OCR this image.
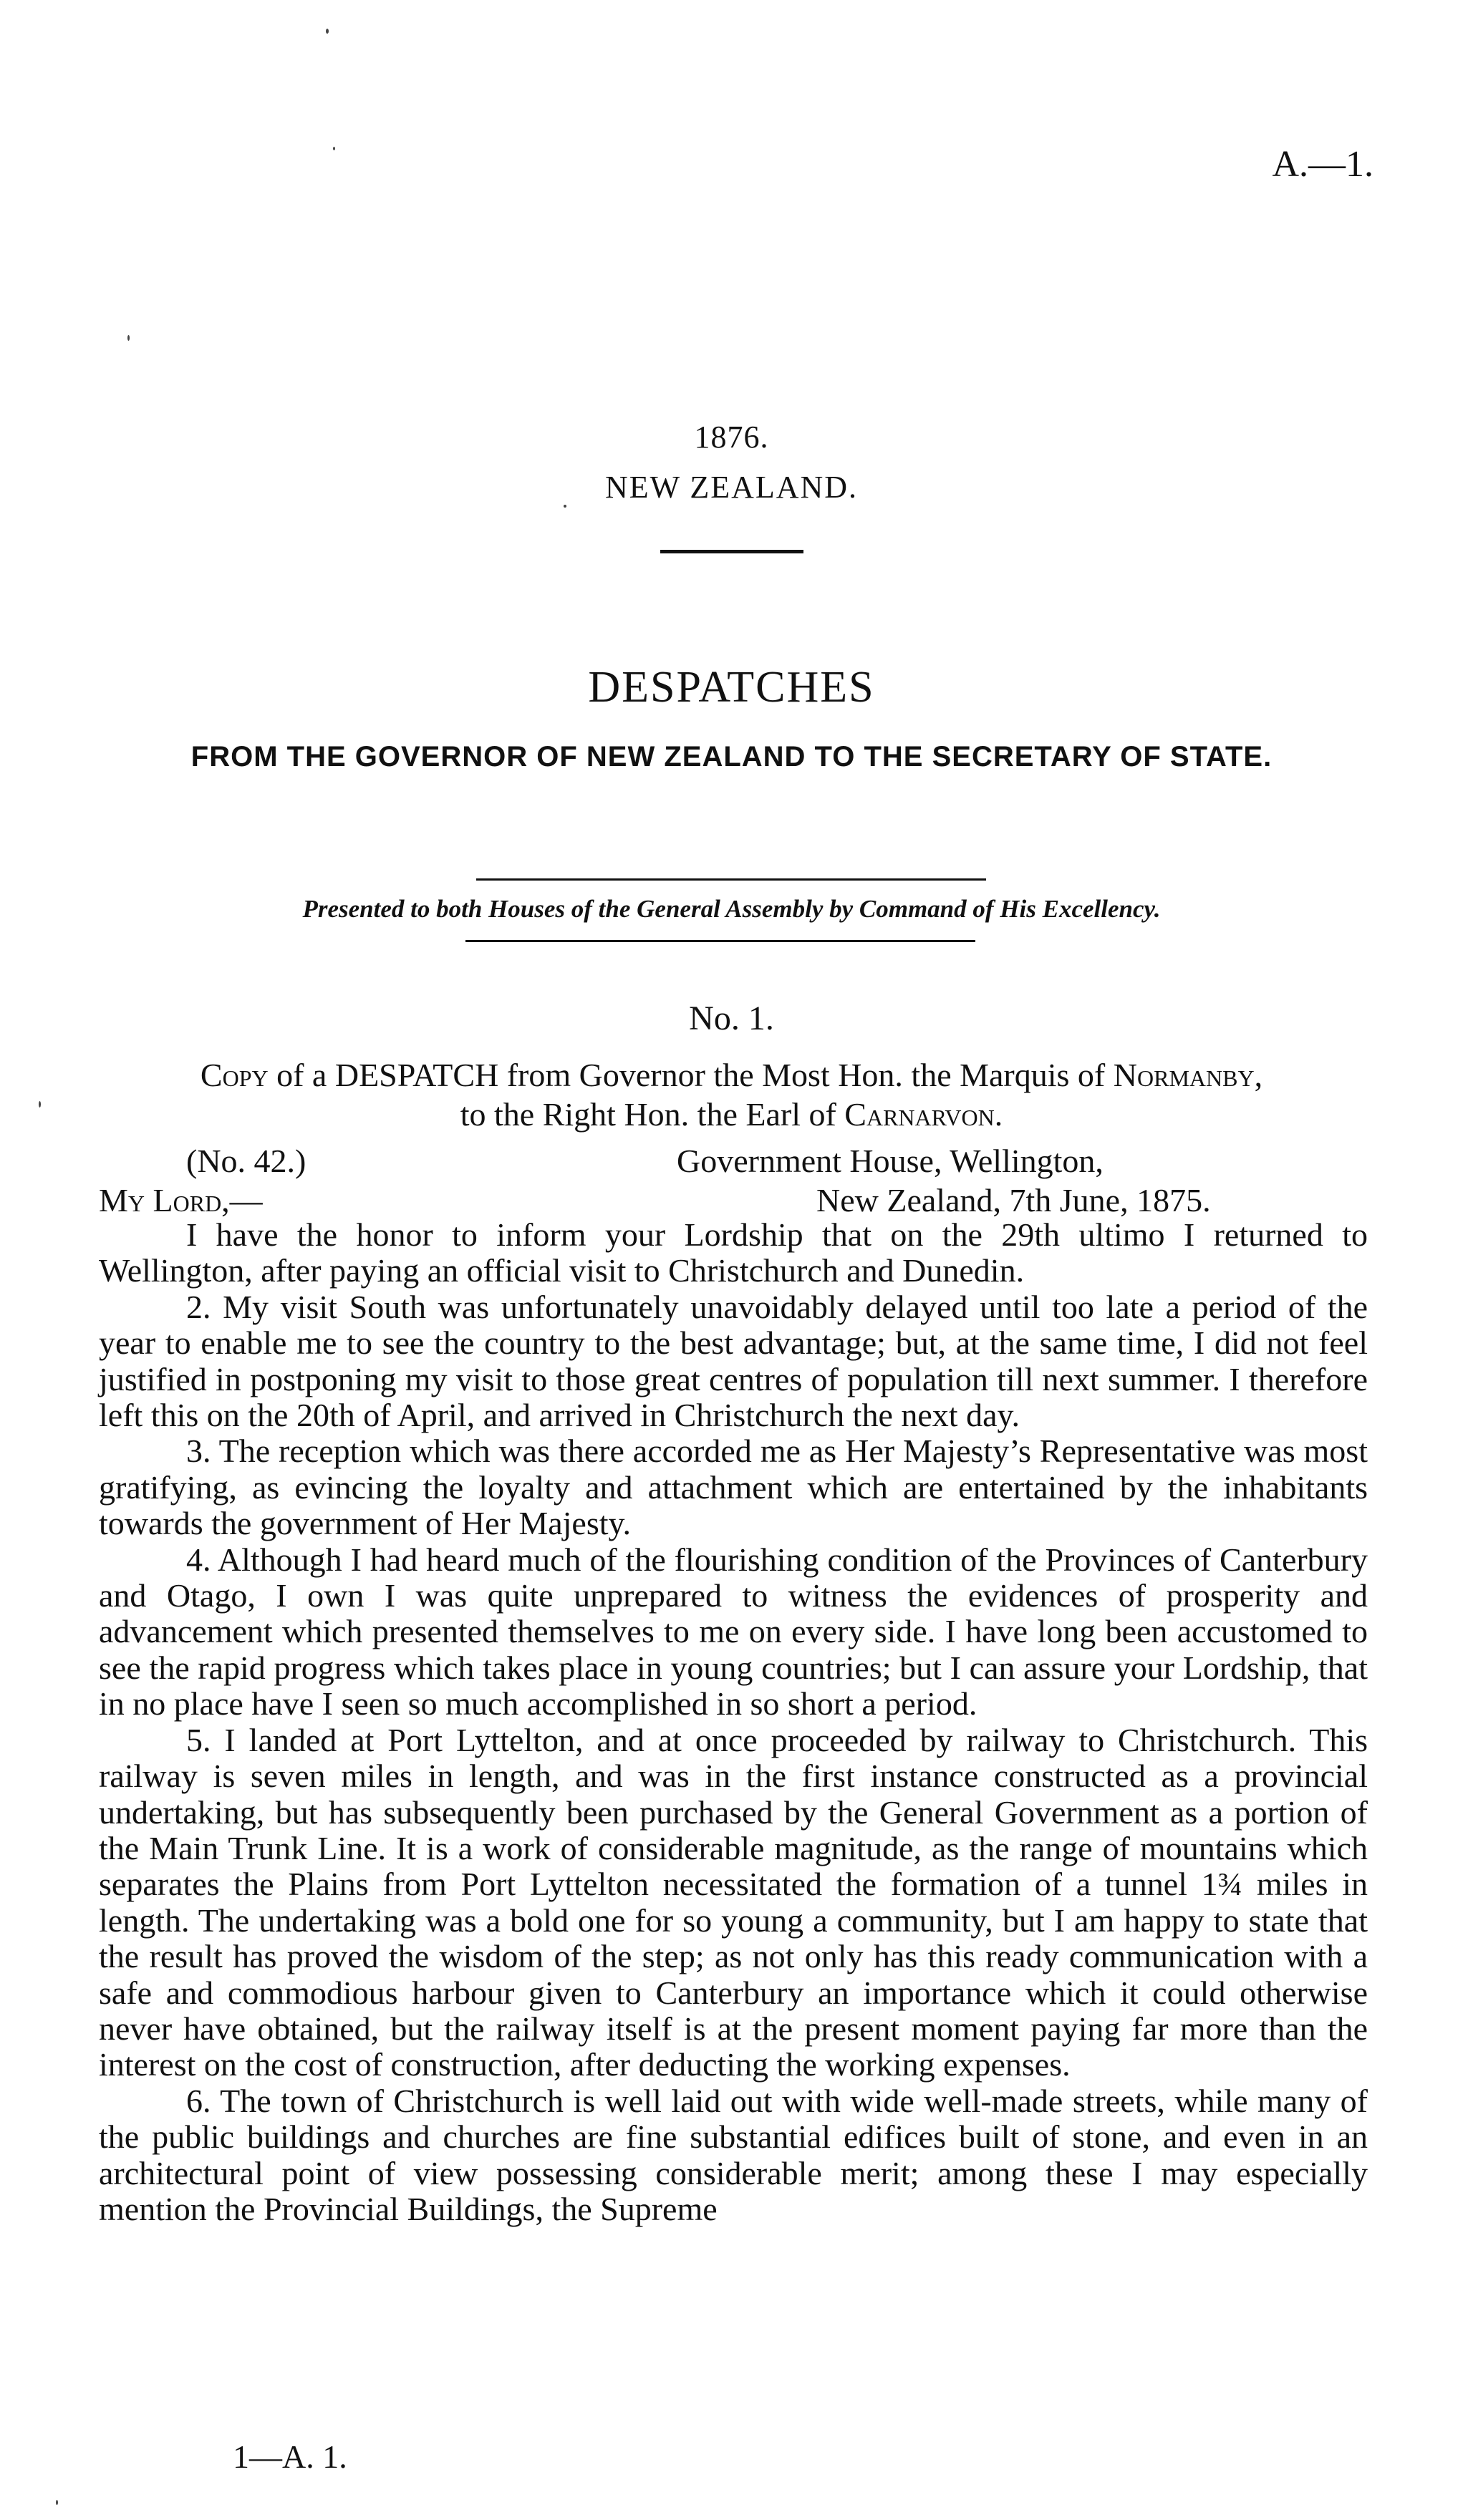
A.—1.
1876.
NEW ZEALAND.
DESPATCHES
FROM THE GOVERNOR OF NEW ZEALAND TO THE SECRETARY OF STATE.
Presented to both Houses of the General Assembly by Command of His Excellency.
No. 1.
Copy of a DESPATCH from Governor the Most Hon. the Marquis of Normanby,
to the Right Hon. the Earl of Carnarvon.
(No. 42.)	Government House, Wellington,
My Lord,—	New Zealand, 7th June, 1875.

I have the honor to inform your Lordship that on the 29th ultimo I returned to Wellington, after paying an official visit to Christchurch and Dunedin.

2. My visit South was unfortunately unavoidably delayed until too late a period of the year to enable me to see the country to the best advantage; but, at the same time, I did not feel justified in postponing my visit to those great centres of population till next summer. I therefore left this on the 20th of April, and arrived in Christchurch the next day.

3. The reception which was there accorded me as Her Majesty’s Representative was most gratifying, as evincing the loyalty and attachment which are entertained by the inhabitants towards the government of Her Majesty.

4. Although I had heard much of the flourishing condition of the Provinces of Canterbury and Otago, I own I was quite unprepared to witness the evidences of prosperity and advancement which presented themselves to me on every side. I have long been accustomed to see the rapid progress which takes place in young countries; but I can assure your Lordship, that in no place have I seen so much accomplished in so short a period.

5. I landed at Port Lyttelton, and at once proceeded by railway to Christchurch. This railway is seven miles in length, and was in the first instance constructed as a provincial undertaking, but has subsequently been purchased by the General Government as a portion of the Main Trunk Line. It is a work of considerable magnitude, as the range of mountains which separates the Plains from Port Lyttelton necessitated the formation of a tunnel 1¾ miles in length. The undertaking was a bold one for so young a community, but I am happy to state that the result has proved the wisdom of the step; as not only has this ready communication with a safe and commodious harbour given to Canterbury an importance which it could otherwise never have obtained, but the railway itself is at the present moment paying far more than the interest on the cost of construction, after deducting the working expenses.

6. The town of Christchurch is well laid out with wide well-made streets, while many of the public buildings and churches are fine substantial edifices built of stone, and even in an architectural point of view possessing considerable merit; among these I may especially mention the Provincial Buildings, the Supreme

1—A. 1.
